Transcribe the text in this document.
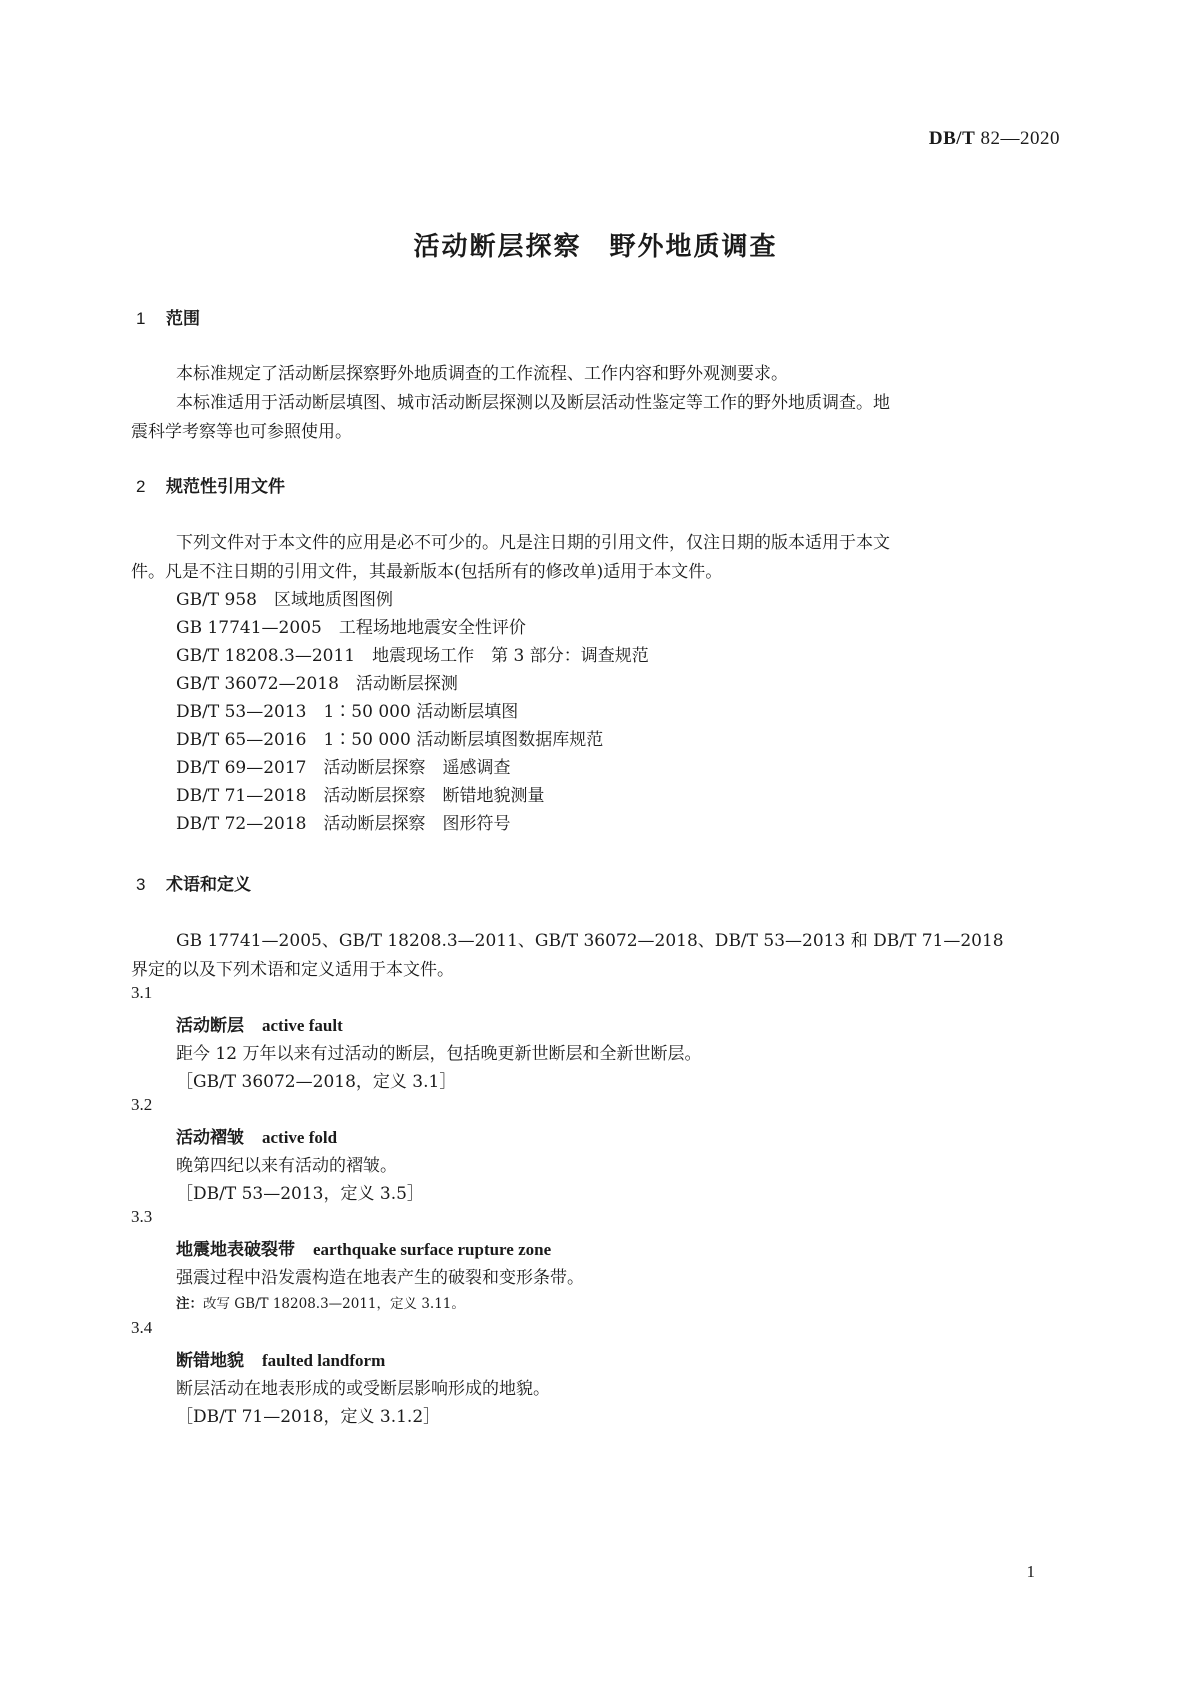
DB/T 82—2020
活动断层探察　野外地质调查
1 范围
本标准规定了活动断层探察野外地质调查的工作流程、工作内容和野外观测要求。
本标准适用于活动断层填图、城市活动断层探测以及断层活动性鉴定等工作的野外地质调查。地
震科学考察等也可参照使用。
2 规范性引用文件
下列文件对于本文件的应用是必不可少的。凡是注日期的引用文件，仅注日期的版本适用于本文
件。凡是不注日期的引用文件，其最新版本(包括所有的修改单)适用于本文件。
GB/T 958　区域地质图图例
GB 17741—2005　工程场地地震安全性评价
GB/T 18208.3—2011　地震现场工作　第 3 部分：调查规范
GB/T 36072—2018　活动断层探测
DB/T 53—2013　1∶50 000 活动断层填图
DB/T 65—2016　1∶50 000 活动断层填图数据库规范
DB/T 69—2017　活动断层探察　遥感调查
DB/T 71—2018　活动断层探察　断错地貌测量
DB/T 72—2018　活动断层探察　图形符号
3 术语和定义
GB 17741—2005、GB/T 18208.3—2011、GB/T 36072—2018、DB/T 53—2013 和 DB/T 71—2018
界定的以及下列术语和定义适用于本文件。
3.1
活动断层 active fault
距今 12 万年以来有过活动的断层，包括晚更新世断层和全新世断层。
［GB/T 36072—2018，定义 3.1］
3.2
活动褶皱 active fold
晚第四纪以来有活动的褶皱。
［DB/T 53—2013，定义 3.5］
3.3
地震地表破裂带 earthquake surface rupture zone
强震过程中沿发震构造在地表产生的破裂和变形条带。
注：改写 GB/T 18208.3—2011，定义 3.11。
3.4
断错地貌 faulted landform
断层活动在地表形成的或受断层影响形成的地貌。
［DB/T 71—2018，定义 3.1.2］
1
